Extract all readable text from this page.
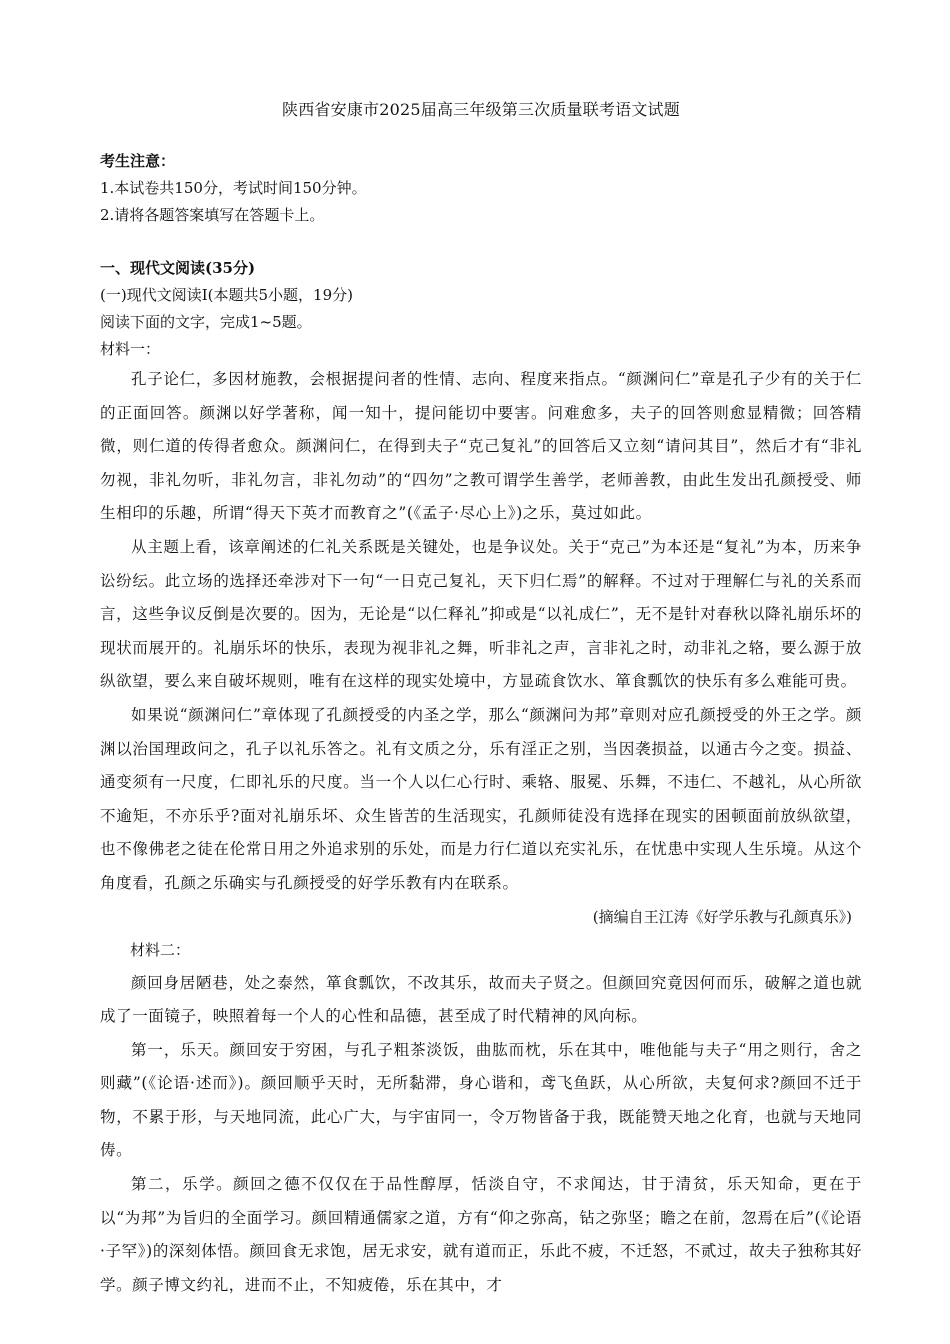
陕西省安康市2025届高三年级第三次质量联考语文试题

考生注意：

1.本试卷共150分，考试时间150分钟。

2.请将各题答案填写在答题卡上。

一、现代文阅读(35分)

(一)现代文阅读Ⅰ(本题共5小题，19分)

阅读下面的文字，完成1~5题。

材料一：

孔子论仁，多因材施教，会根据提问者的性情、志向、程度来指点。“颜渊问仁”章是孔子少有的关于仁的正面回答。颜渊以好学著称，闻一知十，提问能切中要害。问难愈多，夫子的回答则愈显精微；回答精微，则仁道的传得者愈众。颜渊问仁，在得到夫子“克己复礼”的回答后又立刻“请问其目”，然后才有“非礼勿视，非礼勿听，非礼勿言，非礼勿动”的“四勿”之教可谓学生善学，老师善教，由此生发出孔颜授受、师生相印的乐趣，所谓“得天下英才而教育之”(《孟子·尽心上》)之乐，莫过如此。

从主题上看，该章阐述的仁礼关系既是关键处，也是争议处。关于“克己”为本还是“复礼”为本，历来争讼纷纭。此立场的选择还牵涉对下一句“一日克己复礼，天下归仁焉”的解释。不过对于理解仁与礼的关系而言，这些争议反倒是次要的。因为，无论是“以仁释礼”抑或是“以礼成仁”，无不是针对春秋以降礼崩乐坏的现状而展开的。礼崩乐坏的快乐，表现为视非礼之舞，听非礼之声，言非礼之时，动非礼之辂，要么源于放纵欲望，要么来自破坏规则，唯有在这样的现实处境中，方显疏食饮水、箪食瓢饮的快乐有多么难能可贵。

如果说“颜渊问仁”章体现了孔颜授受的内圣之学，那么“颜渊问为邦”章则对应孔颜授受的外王之学。颜渊以治国理政问之，孔子以礼乐答之。礼有文质之分，乐有淫正之别，当因袭损益，以通古今之变。损益、通变须有一尺度，仁即礼乐的尺度。当一个人以仁心行时、乘辂、服冕、乐舞，不违仁、不越礼，从心所欲不逾矩，不亦乐乎?面对礼崩乐坏、众生皆苦的生活现实，孔颜师徒没有选择在现实的困顿面前放纵欲望，也不像佛老之徒在伦常日用之外追求别的乐处，而是力行仁道以充实礼乐，在忧患中实现人生乐境。从这个角度看，孔颜之乐确实与孔颜授受的好学乐教有内在联系。

(摘编自王江涛《好学乐教与孔颜真乐》)

材料二：

颜回身居陋巷，处之泰然，箪食瓢饮，不改其乐，故而夫子贤之。但颜回究竟因何而乐，破解之道也就成了一面镜子，映照着每一个人的心性和品德，甚至成了时代精神的风向标。

第一，乐天。颜回安于穷困，与孔子粗茶淡饭，曲肱而枕，乐在其中，唯他能与夫子“用之则行，舍之则藏”(《论语·述而》)。颜回顺乎天时，无所黏滞，身心谐和，鸢飞鱼跃，从心所欲，夫复何求?颜回不迁于物，不累于形，与天地同流，此心广大，与宇宙同一，令万物皆备于我，既能赞天地之化育，也就与天地同俦。

第二，乐学。颜回之德不仅仅在于品性醇厚，恬淡自守，不求闻达，甘于清贫，乐天知命，更在于以“为邦”为旨归的全面学习。颜回精通儒家之道，方有“仰之弥高，钻之弥坚；瞻之在前，忽焉在后”(《论语·子罕》)的深刻体悟。颜回食无求饱，居无求安，就有道而正，乐此不疲，不迁怒，不贰过，故夫子独称其好学。颜子博文约礼，进而不止，不知疲倦，乐在其中，才
